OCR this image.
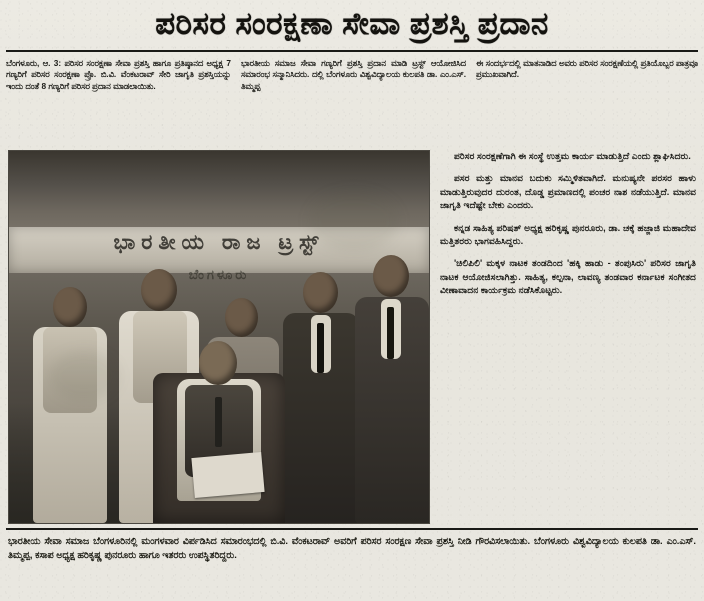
ಪರಿಸರ ಸಂರಕ್ಷಣಾ ಸೇವಾ ಪ್ರಶಸ್ತಿ ಪ್ರದಾನ
ಬೆಂಗಳೂರು, ಆ. 3: ಪರಿಸರ ಸಂರಕ್ಷಣಾ ಸೇವಾ ಪ್ರಶಸ್ತಿ ಹಾಗೂ ಪ್ರತಿಷ್ಠಾನದ ಅಧ್ಯಕ್ಷ 7 ಗಣ್ಯರಿಗೆ ಪರಿಸರ ಸಂರಕ್ಷಣಾ ಪ್ರೊ. ಬಿ.ವಿ. ವೆಂಕಟರಾವ್ ಸೇರಿ ಜಾಗೃತಿ ಪ್ರಶಸ್ತಿಯನ್ನು ಇಂದು ದಂತೆ 8 ಗಣ್ಯರಿಗೆ ಪರಿಸರ ಪ್ರದಾನ ಮಾಡಲಾಯಿತು.
ಭಾರತೀಯ ಸಮಾಜ ಸೇವಾ ಗಣ್ಯರಿಗೆ ಪ್ರಶಸ್ತಿ ಪ್ರದಾನ ಮಾಡಿ ಟ್ರಸ್ಟ್ ಆಯೋಜಿಸಿದ ಸಮಾರಂಭ ಸನ್ಮಾನಿಸಿದರು. ದಲ್ಲಿ ಬೆಂಗಳೂರು ವಿಶ್ವವಿದ್ಯಾಲಯ ಕುಲಪತಿ ಡಾ. ಎಂ.ಎಸ್. ತಿಮ್ಮಪ್ಪ
ಈ ಸಂದರ್ಭದಲ್ಲಿ ಮಾತನಾಡಿದ ಅವರು ಪರಿಸರ ಸಂರಕ್ಷಣೆಯಲ್ಲಿ ಪ್ರತಿಯೊಬ್ಬರ ಪಾತ್ರವೂ ಪ್ರಮುಖವಾಗಿದೆ.
ಭಾರತೀಯ ರಾಜ ಟ್ರಸ್ಟ್
ಬೆಂಗಳೂರು

ಪರಿಸರ ಸಂರಕ್ಷಣೆಗಾಗಿ ಈ ಸಂಸ್ಥೆ ಉತ್ತಮ ಕಾರ್ಯ ಮಾಡುತ್ತಿದೆ ಎಂದು ಶ್ಲಾಘಿಸಿದರು.

ಪಸರ ಮತ್ತು ಮಾನವ ಬದುಕು ಸಮ್ಮಿಳಿತವಾಗಿದೆ. ಮನುಷ್ಯನೇ ಪರಸರ ಹಾಳು ಮಾಡುತ್ತಿರುವುದರ ದುರಂತ, ದೊಡ್ಡ ಪ್ರಮಾಣದಲ್ಲಿ ಪಂಚರ ನಾಶ ನಡೆಯುತ್ತಿದೆ. ಮಾನವ ಜಾಗೃತಿ ಇದೆಷ್ಟೇ ಬೇಕು ಎಂದರು.

ಕನ್ನಡ ಸಾಹಿತ್ಯ ಪರಿಷತ್ ಅಧ್ಯಕ್ಷ ಹರಿಕೃಷ್ಣ ಪುನರೂರು, ಡಾ. ಚಕ್ಕೆ ಹಜ್ಜಾಜಿ ಮಹಾದೇವ ಮತ್ತಿತರರು ಭಾಗವಹಿಸಿದ್ದರು.

'ಚಿಲಿಪಿಲಿ' ಮಕ್ಕಳ ನಾಟಕ ತಂಡದಿಂದ 'ಹಕ್ಕಿ ಹಾಡು - ತಂಪುಸಿರು' ಪರಿಸರ ಜಾಗೃತಿ ನಾಟಕ ಆಯೋಜಿಸಲಾಗಿತ್ತು. ಸಾಹಿತ್ಯ, ಕಲ್ಪನಾ, ಲಾವಣ್ಯ ತಂಡವಾರ ಕರ್ನಾಟಕ ಸಂಗೀತದ ವೀಣಾವಾದನ ಕಾರ್ಯಕ್ರಮ ನಡೆಸಿಕೊಟ್ಟರು.

ಭಾರತೀಯ ಸೇವಾ ಸಮಾಜ ಬೆಂಗಳೂರಿನಲ್ಲಿ ಮಂಗಳವಾರ ವಿರ್ಪಡಿಸಿದ ಸಮಾರಂಭದಲ್ಲಿ ಬಿ.ವಿ. ವೆಂಕಟರಾವ್ ಅವರಿಗೆ ಪರಿಸರ ಸಂರಕ್ಷಣ ಸೇವಾ ಪ್ರಶಸ್ತಿ ನೀಡಿ ಗೌರವಿಸಲಾಯಿತು. ಬೆಂಗಳೂರು ವಿಶ್ವವಿದ್ಯಾಲಯ ಕುಲಪತಿ ಡಾ. ಎಂ.ಎಸ್. ತಿಮ್ಮಪ್ಪ, ಕಸಾಪ ಅಧ್ಯಕ್ಷ ಹರಿಕೃಷ್ಣ ಪುನರೂರು ಹಾಗೂ ಇತರರು ಉಪಸ್ಥಿತರಿದ್ದರು.
